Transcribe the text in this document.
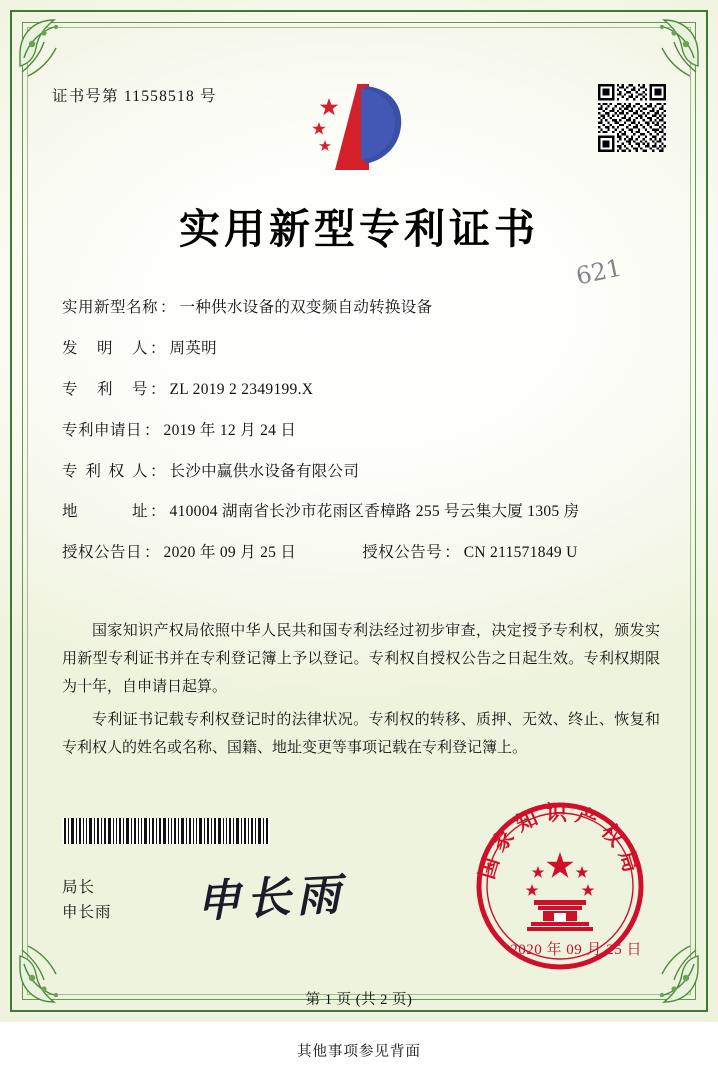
证书号第 11558518 号
实用新型专利证书
621
实用新型名称 ： 一种供水设备的双变频自动转换设备
发明人 ： 周英明
专利号 ： ZL 2019 2 2349199.X
专利申请日 ： 2019 年 12 月 24 日
专利权人 ： 长沙中赢供水设备有限公司
地址 ： 410004 湖南省长沙市花雨区香樟路 255 号云集大厦 1305 房
授权公告日 ： 2020 年 09 月 25 日	授权公告号 ： CN 211571849 U

国家知识产权局依照中华人民共和国专利法经过初步审查，决定授予专利权，颁发实用新型专利证书并在专利登记簿上予以登记。专利权自授权公告之日起生效。专利权期限为十年，自申请日起算。

专利证书记载专利权登记时的法律状况。专利权的转移、质押、无效、终止、恢复和专利权人的姓名或名称、国籍、地址变更等事项记载在专利登记簿上。

局长
申长雨 申长雨
国家知识产权局
2020 年 09 月 25 日
第 1 页 (共 2 页)
其他事项参见背面
